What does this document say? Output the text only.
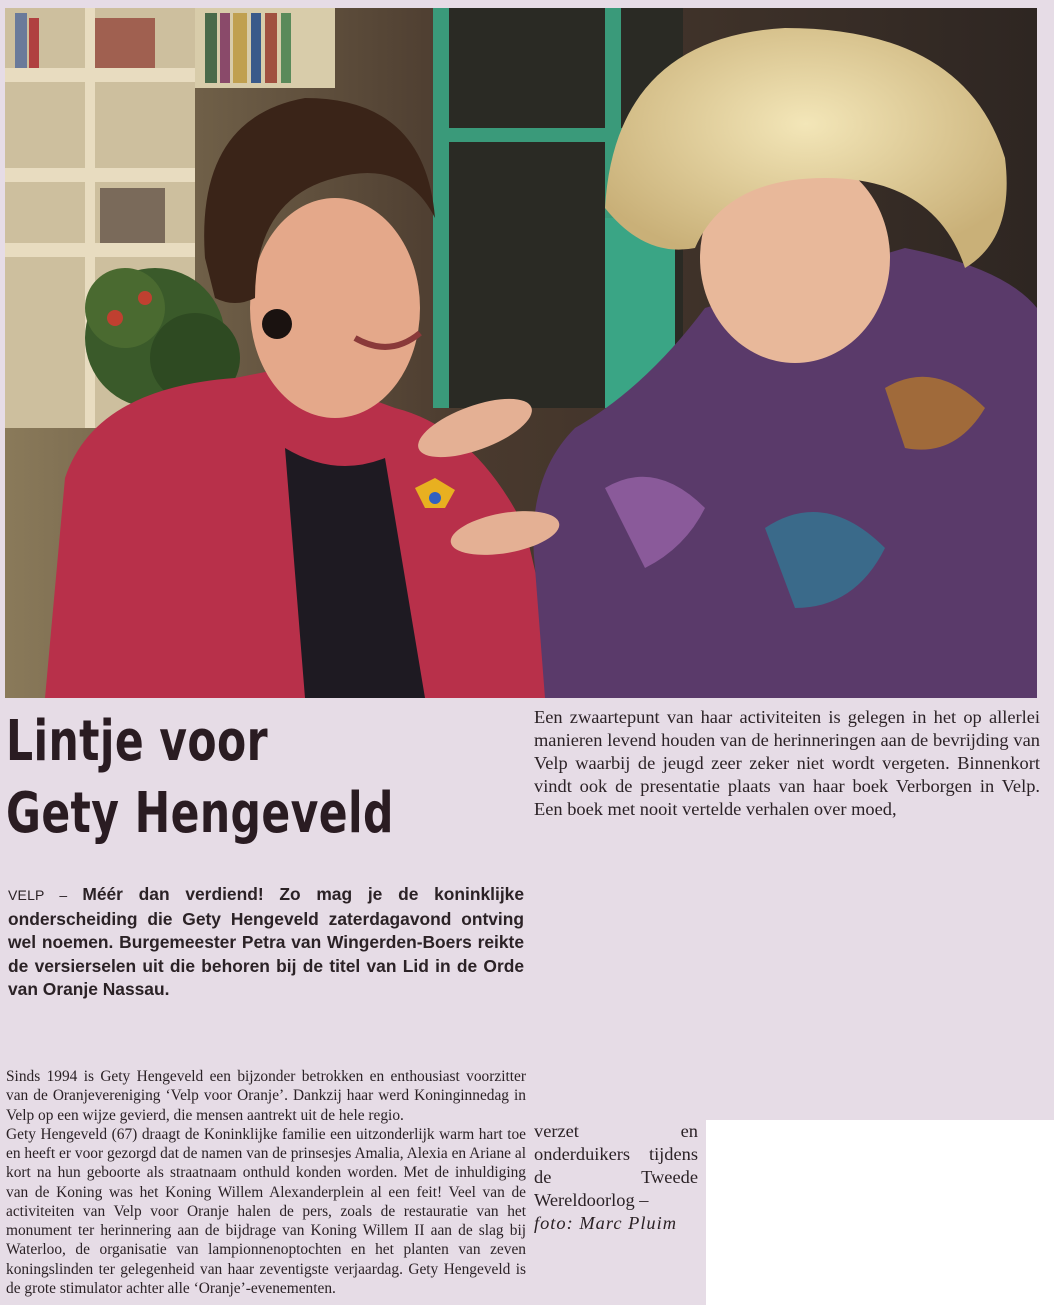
Lintje voor
Gety Hengeveld
VELP – Méér dan verdiend! Zo mag je de koninklijke onderscheiding die Gety Hengeveld zaterdagavond ontving wel noemen. Burgemeester Petra van Wingerden-Boers reikte de versierselen uit die behoren bij de titel van Lid in de Orde van Oranje Nassau.

Sinds 1994 is Gety Hengeveld een bijzonder betrokken en enthousiast voorzitter van de Oranjevereniging ‘Velp voor Oranje’. Dankzij haar werd Koninginnedag in Velp op een wijze gevierd, die mensen aantrekt uit de hele regio.

Gety Hengeveld (67) draagt de Koninklijke familie een uitzonderlijk warm hart toe en heeft er voor gezorgd dat de namen van de prinsesjes Amalia, Alexia en Ariane al kort na hun geboorte als straatnaam onthuld konden worden. Met de inhuldiging van de Koning was het Koning Willem Alexanderplein al een feit! Veel van de activiteiten van Velp voor Oranje halen de pers, zoals de restauratie van het monument ter herinnering aan de bijdrage van Koning Willem II aan de slag bij Waterloo, de organisatie van lampionnenoptochten en het planten van zeven koningslinden ter gelegenheid van haar zeventigste verjaardag. Gety Hengeveld is de grote stimulator achter alle ‘Oranje’-evenementen.

Een zwaartepunt van haar activiteiten is gelegen in het op allerlei manieren levend houden van de herinneringen aan de bevrijding van Velp waarbij de jeugd zeer zeker niet wordt vergeten. Binnenkort vindt ook de presentatie plaats van haar boek Verborgen in Velp. Een boek met nooit vertelde verhalen over moed,

verzet en onderduikers tijdens de Tweede Wereldoorlog –

foto: Marc Pluim
